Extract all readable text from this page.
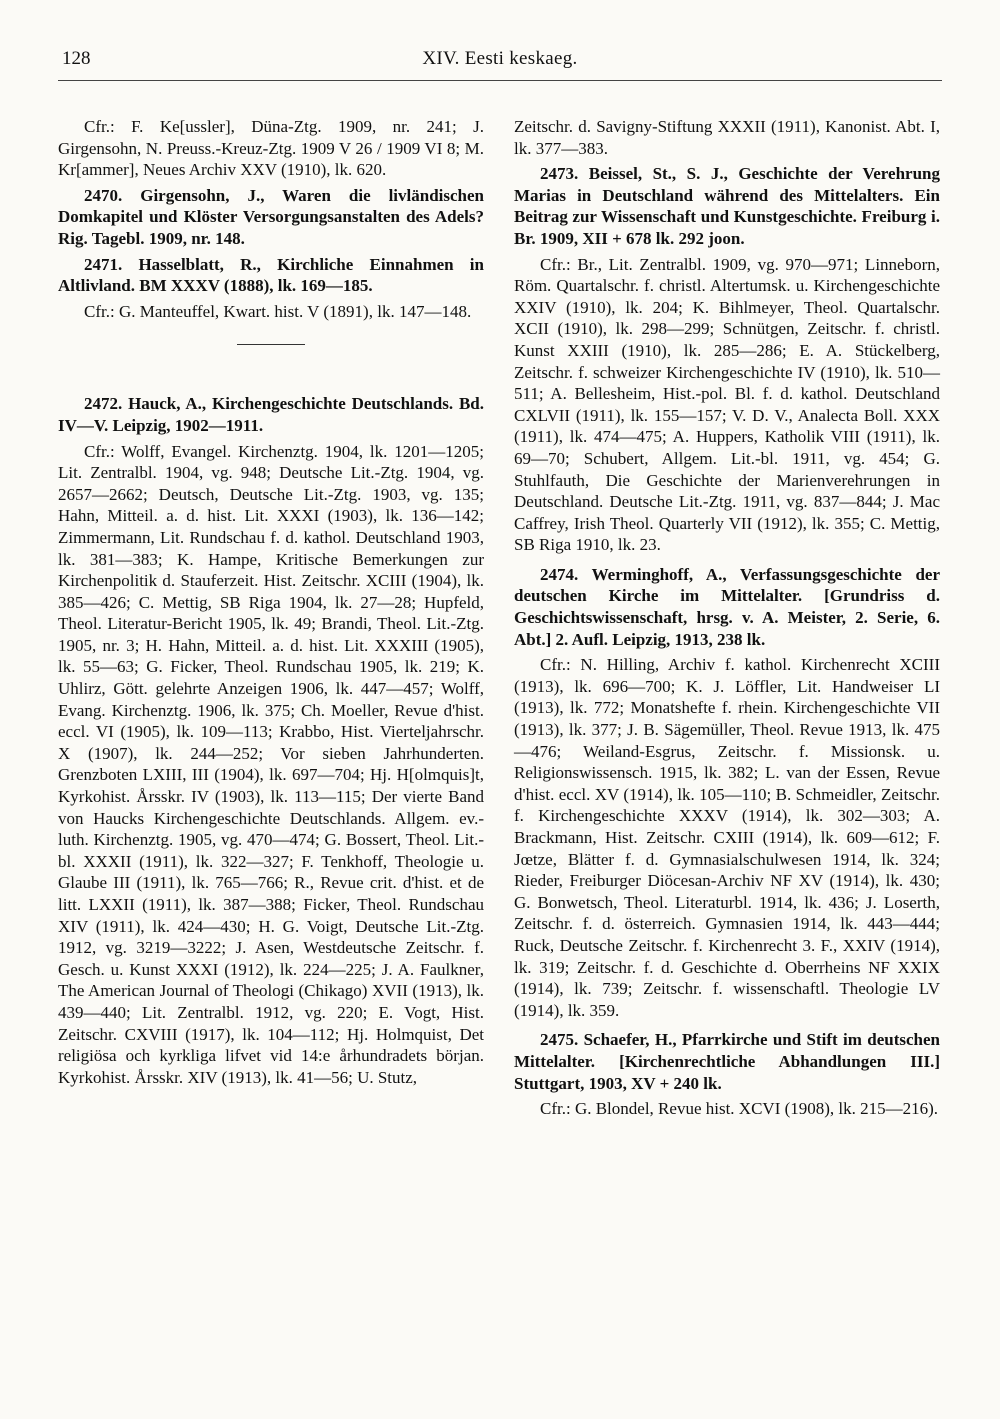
128	XIV. Eesti keskaeg.

Cfr.: F. Ke[ussler], Düna-Ztg. 1909, nr. 241; J. Girgensohn, N. Preuss.-Kreuz-Ztg. 1909 V 26 / 1909 VI 8; M. Kr[ammer], Neues Archiv XXV (1910), lk. 620.

2470. Girgensohn, J., Waren die livländischen Domkapitel und Klöster Versorgungsanstalten des Adels? Rig. Tagebl. 1909, nr. 148.

2471. Hasselblatt, R., Kirchliche Einnahmen in Altlivland. BM XXXV (1888), lk. 169—185.

Cfr.: G. Manteuffel, Kwart. hist. V (1891), lk. 147—148.

2472. Hauck, A., Kirchengeschichte Deutschlands. Bd. IV—V. Leipzig, 1902—1911.

Cfr.: Wolff, Evangel. Kirchenztg. 1904, lk. 1201—1205; Lit. Zentralbl. 1904, vg. 948; Deutsche Lit.-Ztg. 1904, vg. 2657—2662; Deutsch, Deutsche Lit.-Ztg. 1903, vg. 135; Hahn, Mitteil. a. d. hist. Lit. XXXI (1903), lk. 136—142; Zimmermann, Lit. Rundschau f. d. kathol. Deutschland 1903, lk. 381—383; K. Hampe, Kritische Bemerkungen zur Kirchenpolitik d. Stauferzeit. Hist. Zeitschr. XCIII (1904), lk. 385—426; C. Mettig, SB Riga 1904, lk. 27—28; Hupfeld, Theol. Literatur-Bericht 1905, lk. 49; Brandi, Theol. Lit.-Ztg. 1905, nr. 3; H. Hahn, Mitteil. a. d. hist. Lit. XXXIII (1905), lk. 55—63; G. Ficker, Theol. Rundschau 1905, lk. 219; K. Uhlirz, Gött. gelehrte Anzeigen 1906, lk. 447—457; Wolff, Evang. Kirchenztg. 1906, lk. 375; Ch. Moeller, Revue d'hist. eccl. VI (1905), lk. 109—113; Krabbo, Hist. Vierteljahrschr. X (1907), lk. 244—252; Vor sieben Jahrhunderten. Grenzboten LXIII, III (1904), lk. 697—704; Hj. H[olmquis]t, Kyrkohist. Årsskr. IV (1903), lk. 113—115; Der vierte Band von Haucks Kirchengeschichte Deutschlands. Allgem. ev.-luth. Kirchenztg. 1905, vg. 470—474; G. Bossert, Theol. Lit.-bl. XXXII (1911), lk. 322—327; F. Tenkhoff, Theologie u. Glaube III (1911), lk. 765—766; R., Revue crit. d'hist. et de litt. LXXII (1911), lk. 387—388; Ficker, Theol. Rundschau XIV (1911), lk. 424—430; H. G. Voigt, Deutsche Lit.-Ztg. 1912, vg. 3219—3222; J. Asen, Westdeutsche Zeitschr. f. Gesch. u. Kunst XXXI (1912), lk. 224—225; J. A. Faulkner, The American Journal of Theologi (Chikago) XVII (1913), lk. 439—440; Lit. Zentralbl. 1912, vg. 220; E. Vogt, Hist. Zeitschr. CXVIII (1917), lk. 104—112; Hj. Holmquist, Det religiösa och kyrkliga lifvet vid 14:e århundradets början. Kyrkohist. Årsskr. XIV (1913), lk. 41—56; U. Stutz,

Zeitschr. d. Savigny-Stiftung XXXII (1911), Kanonist. Abt. I, lk. 377—383.

2473. Beissel, St., S. J., Geschichte der Verehrung Marias in Deutschland während des Mittelalters. Ein Beitrag zur Wissenschaft und Kunstgeschichte. Freiburg i. Br. 1909, XII + 678 lk. 292 joon.

Cfr.: Br., Lit. Zentralbl. 1909, vg. 970—971; Linneborn, Röm. Quartalschr. f. christl. Altertumsk. u. Kirchengeschichte XXIV (1910), lk. 204; K. Bihlmeyer, Theol. Quartalschr. XCII (1910), lk. 298—299; Schnütgen, Zeitschr. f. christl. Kunst XXIII (1910), lk. 285—286; E. A. Stückelberg, Zeitschr. f. schweizer Kirchengeschichte IV (1910), lk. 510—511; A. Bellesheim, Hist.-pol. Bl. f. d. kathol. Deutschland CXLVII (1911), lk. 155—157; V. D. V., Analecta Boll. XXX (1911), lk. 474—475; A. Huppers, Katholik VIII (1911), lk. 69—70; Schubert, Allgem. Lit.-bl. 1911, vg. 454; G. Stuhlfauth, Die Geschichte der Marienverehrungen in Deutschland. Deutsche Lit.-Ztg. 1911, vg. 837—844; J. Mac Caffrey, Irish Theol. Quarterly VII (1912), lk. 355; C. Mettig, SB Riga 1910, lk. 23.

2474. Werminghoff, A., Verfassungsgeschichte der deutschen Kirche im Mittelalter. [Grundriss d. Geschichtswissenschaft, hrsg. v. A. Meister, 2. Serie, 6. Abt.] 2. Aufl. Leipzig, 1913, 238 lk.

Cfr.: N. Hilling, Archiv f. kathol. Kirchenrecht XCIII (1913), lk. 696—700; K. J. Löffler, Lit. Handweiser LI (1913), lk. 772; Monatshefte f. rhein. Kirchengeschichte VII (1913), lk. 377; J. B. Sägemüller, Theol. Revue 1913, lk. 475—476; Weiland-Esgrus, Zeitschr. f. Missionsk. u. Religionswissensch. 1915, lk. 382; L. van der Essen, Revue d'hist. eccl. XV (1914), lk. 105—110; B. Schmeidler, Zeitschr. f. Kirchengeschichte XXXV (1914), lk. 302—303; A. Brackmann, Hist. Zeitschr. CXIII (1914), lk. 609—612; F. Jœtze, Blätter f. d. Gymnasialschulwesen 1914, lk. 324; Rieder, Freiburger Diöcesan-Archiv NF XV (1914), lk. 430; G. Bonwetsch, Theol. Literaturbl. 1914, lk. 436; J. Loserth, Zeitschr. f. d. österreich. Gymnasien 1914, lk. 443—444; Ruck, Deutsche Zeitschr. f. Kirchenrecht 3. F., XXIV (1914), lk. 319; Zeitschr. f. d. Geschichte d. Oberrheins NF XXIX (1914), lk. 739; Zeitschr. f. wissenschaftl. Theologie LV (1914), lk. 359.

2475. Schaefer, H., Pfarrkirche und Stift im deutschen Mittelalter. [Kirchenrechtliche Abhandlungen III.] Stuttgart, 1903, XV + 240 lk.

Cfr.: G. Blondel, Revue hist. XCVI (1908), lk. 215—216).
